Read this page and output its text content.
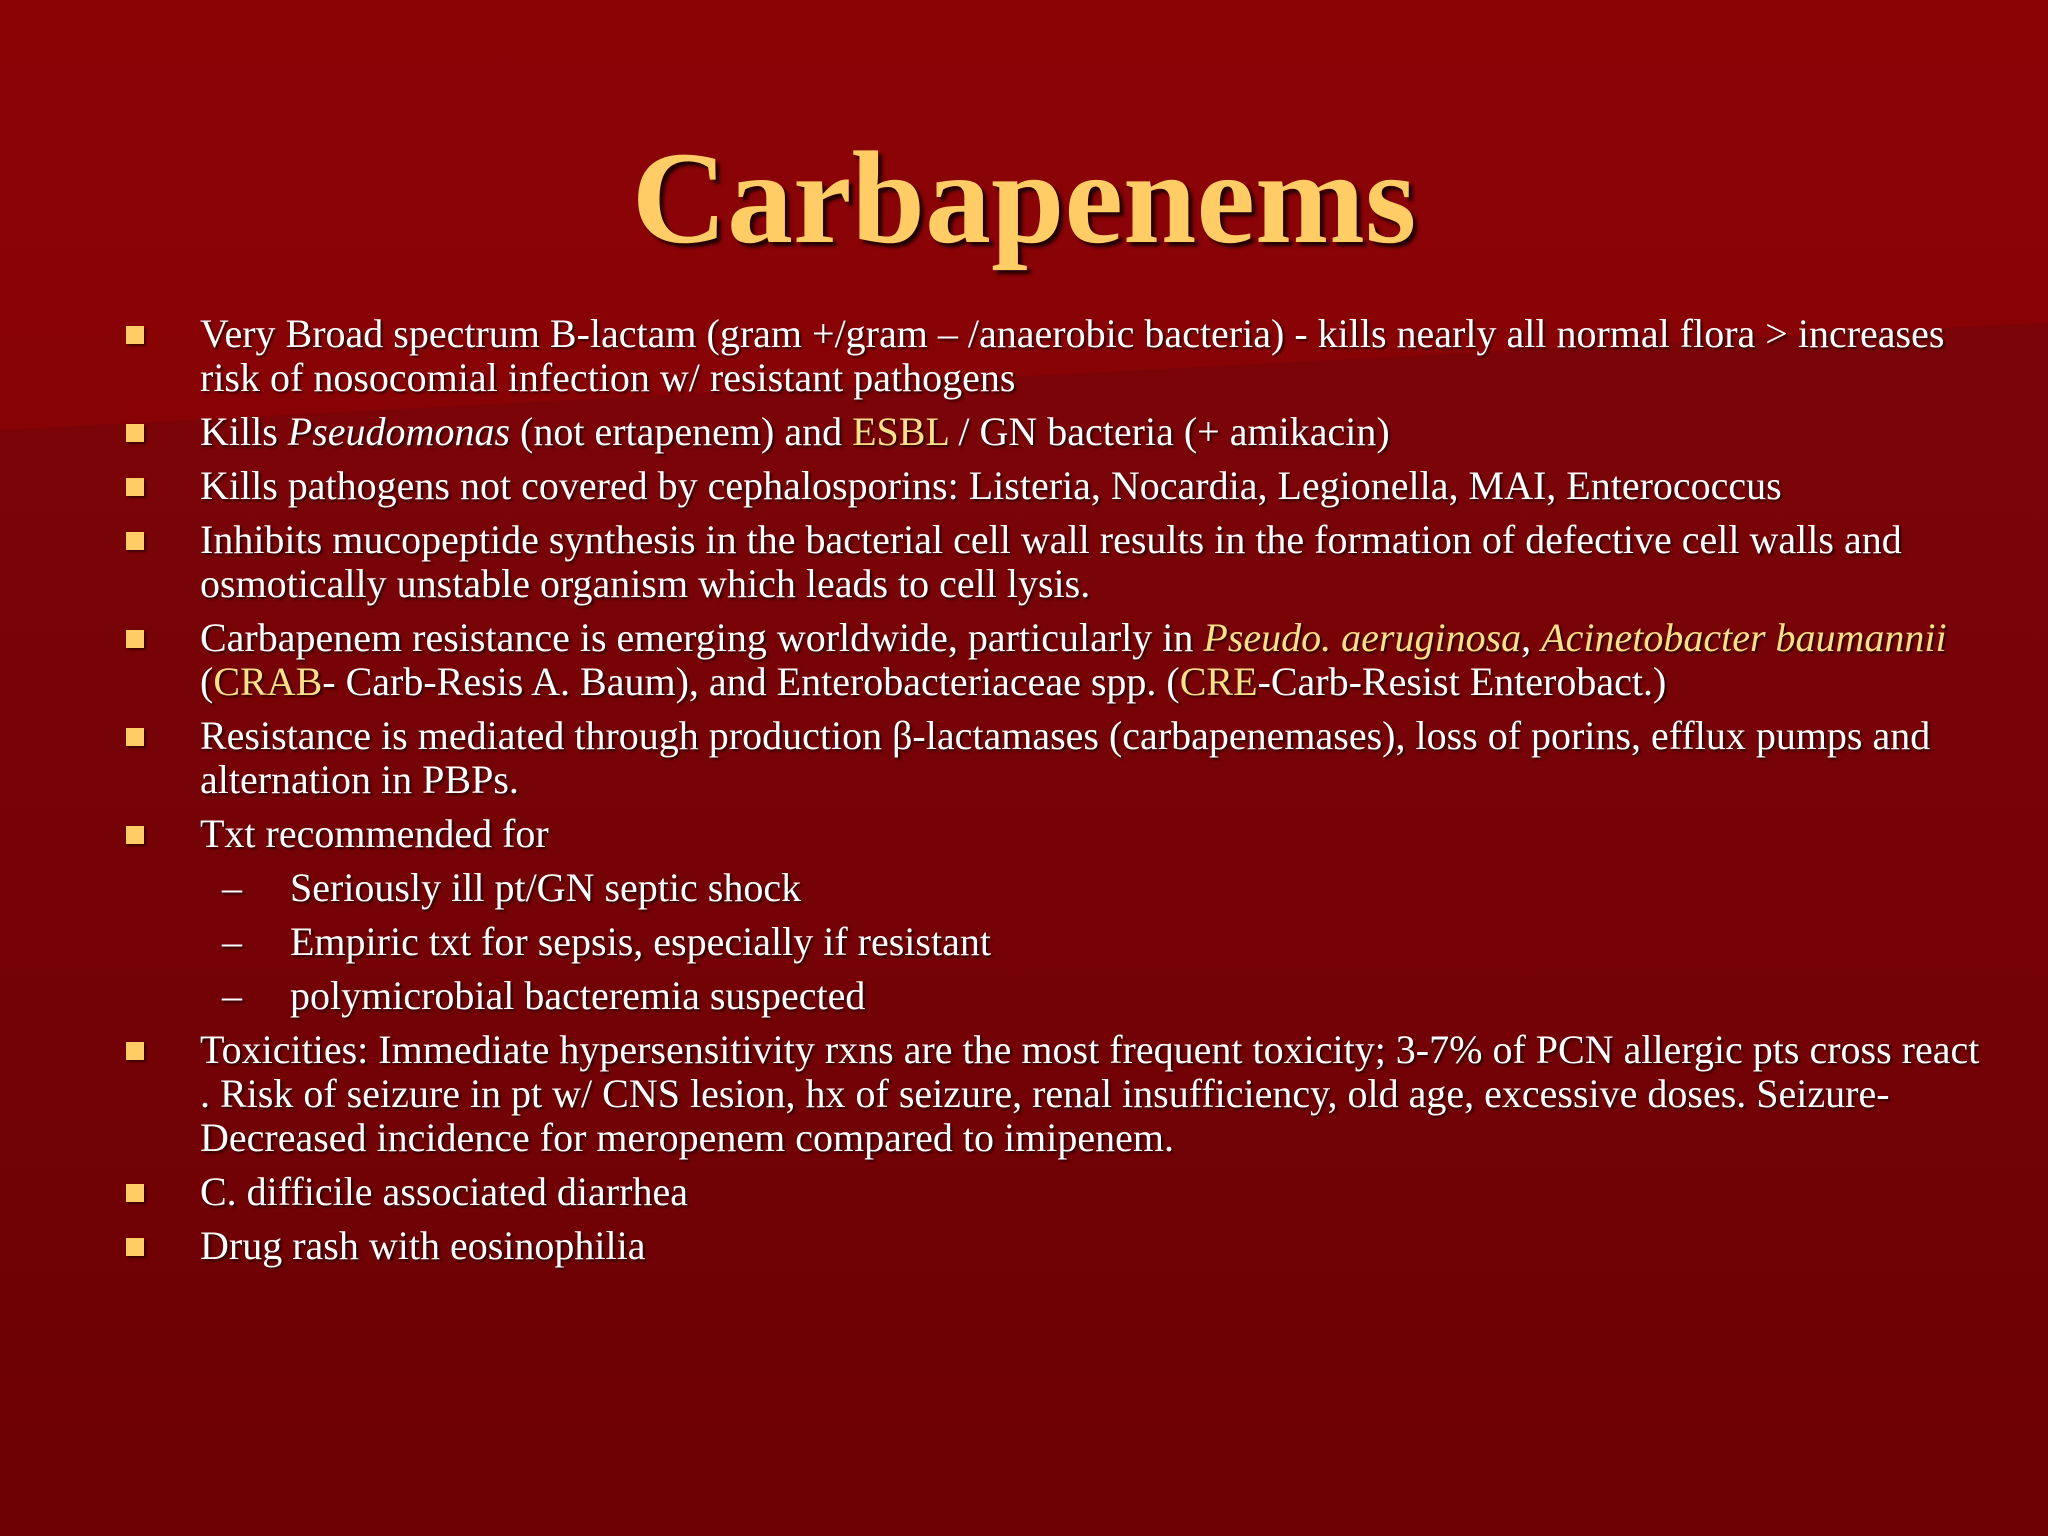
Carbapenems
Very Broad spectrum B-lactam (gram +/gram – /anaerobic bacteria) - kills nearly all normal flora > increases risk of nosocomial infection w/ resistant pathogens
Kills Pseudomonas (not ertapenem) and ESBL / GN bacteria (+ amikacin)
Kills pathogens not covered by cephalosporins: Listeria, Nocardia, Legionella, MAI, Enterococcus
Inhibits mucopeptide synthesis in the bacterial cell wall results in the formation of defective cell walls and osmotically unstable organism which leads to cell lysis.
Carbapenem resistance is emerging worldwide, particularly in Pseudo. aeruginosa, Acinetobacter baumannii (CRAB- Carb-Resis A. Baum), and Enterobacteriaceae spp. (CRE-Carb-Resist Enterobact.)
Resistance is mediated through production β-lactamases (carbapenemases), loss of porins, efflux pumps and alternation in PBPs.
Txt recommended for
– Seriously ill pt/GN septic shock
– Empiric txt for sepsis, especially if resistant
– polymicrobial bacteremia suspected
Toxicities: Immediate hypersensitivity rxns are the most frequent toxicity; 3-7% of PCN allergic pts cross react . Risk of seizure in pt w/ CNS lesion, hx of seizure, renal insufficiency, old age, excessive doses. Seizure- Decreased incidence for meropenem compared to imipenem.
C. difficile associated diarrhea
Drug rash with eosinophilia
